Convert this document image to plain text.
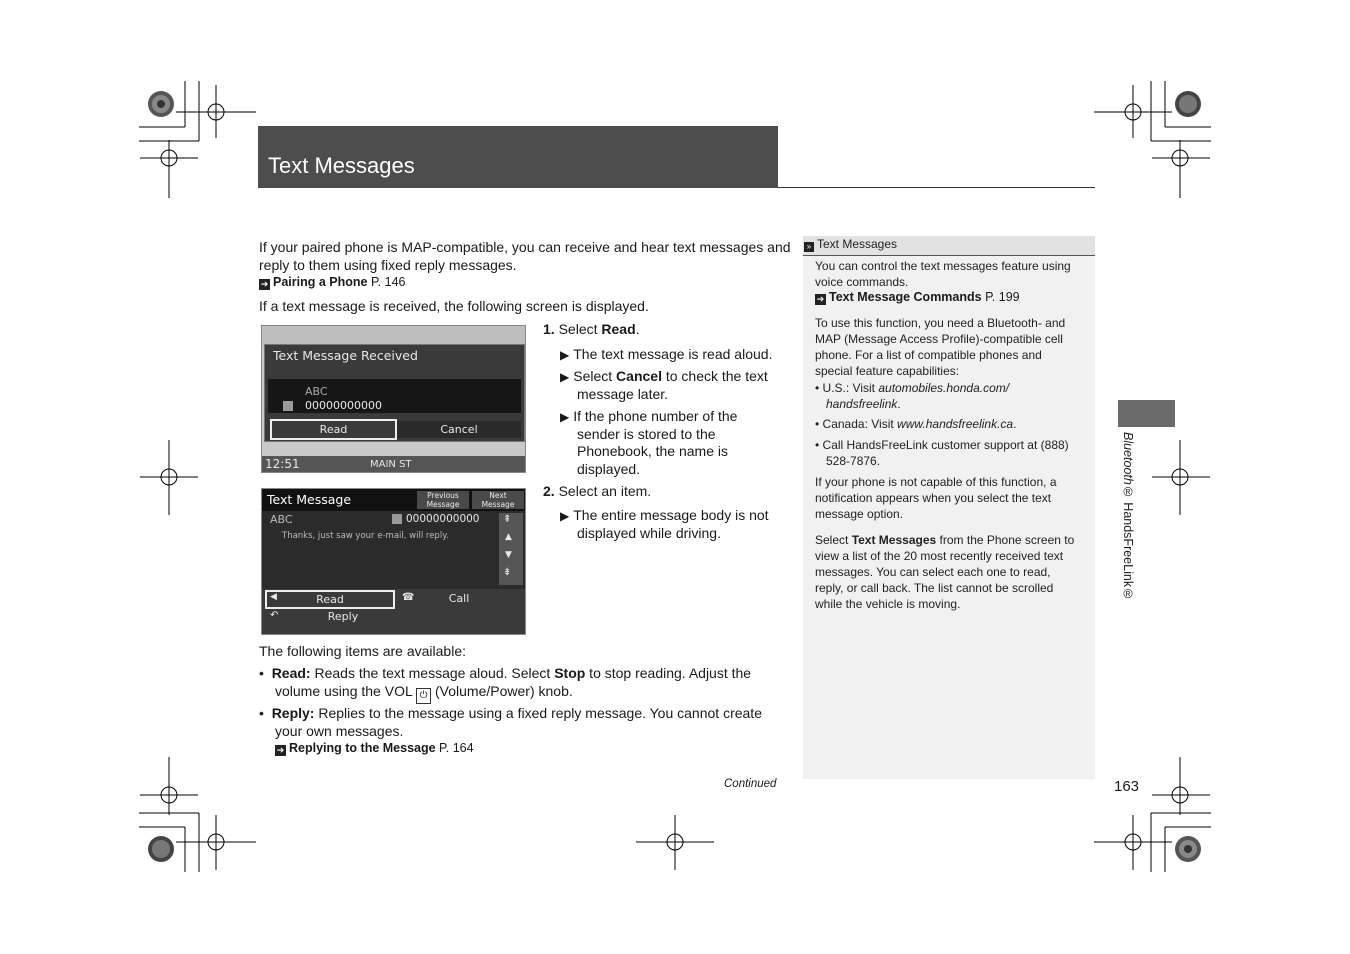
Text Messages
If your paired phone is MAP-compatible, you can receive and hear text messages and
reply to them using fixed reply messages.
➔ Pairing a Phone P. 146
If a text message is received, the following screen is displayed.
Text Message Received
ABC
00000000000
Read	Cancel
12:51	MAIN ST
Text Message	Previous Message
Next Message
ABC	00000000000
Thanks, just saw your e-mail, will reply.
⇞
▲
▼
⇟
Read
◀	☎	Call
↶	Reply
1. Select Read.
▶ The text message is read aloud.
▶ Select Cancel to check the text
message later.
▶ If the phone number of the
sender is stored to the
Phonebook, the name is
displayed.
2. Select an item.
▶ The entire message body is not
displayed while driving.
The following items are available:
•  Read: Reads the text message aloud. Select Stop to stop reading. Adjust the
volume using the VOL ⏻ (Volume/Power) knob.
•  Reply: Replies to the message using a fixed reply message. You cannot create
your own messages.
➔ Replying to the Message P. 164
» Text Messages
You can control the text messages feature using
voice commands.
➔ Text Message Commands P. 199
To use this function, you need a Bluetooth- and
MAP (Message Access Profile)-compatible cell
phone. For a list of compatible phones and
special feature capabilities:
• U.S.: Visit automobiles.honda.com/
handsfreelink.
• Canada: Visit www.handsfreelink.ca.
• Call HandsFreeLink customer support at (888)
528-7876.
If your phone is not capable of this function, a
notification appears when you select the text
message option.
Select Text Messages from the Phone screen to
view a list of the 20 most recently received text
messages. You can select each one to read,
reply, or call back. The list cannot be scrolled
while the vehicle is moving.
Bluetooth® HandsFreeLink®
Continued	163
